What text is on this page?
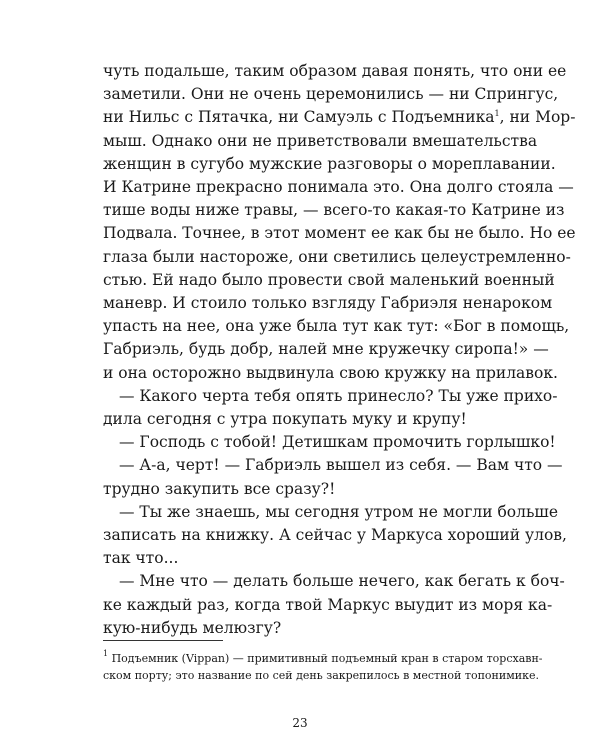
чуть подальше, таким образом давая понять, что они ее
заметили. Они не очень церемонились — ни Спрингус,
ни Нильс с Пятачка, ни Самуэль с Подъемника$^1$, ни Мор-
мыш. Однако они не приветствовали вмешательства
женщин в сугубо мужские разговоры о мореплавании.
И Катрине прекрасно понимала это. Она долго стояла —
тише воды ниже травы, — всего-то какая-то Катрине из
Подвала. Точнее, в этот момент ее как бы не было. Но ее
глаза были настороже, они светились целеустремленно-
стью. Ей надо было провести свой маленький военный
маневр. И стоило только взгляду Габриэля ненароком
упасть на нее, она уже была тут как тут: «Бог в помощь,
Габриэль, будь добр, налей мне кружечку сиропа!» —
и она осторожно выдвинула свою кружку на прилавок.
— Какого черта тебя опять принесло? Ты уже прихо-
дила сегодня с утра покупать муку и крупу!
— Господь с тобой! Детишкам промочить горлышко!
— А-а, черт! — Габриэль вышел из себя. — Вам что —
трудно закупить все сразу?!
— Ты же знаешь, мы сегодня утром не могли больше
записать на книжку. А сейчас у Маркуса хороший улов,
так что...
— Мне что — делать больше нечего, как бегать к боч-
ке каждый раз, когда твой Маркус выудит из моря ка-
кую-нибудь мелюзгу?
$^1$ Подъемник (Vippan) — примитивный подъемный кран в старом торсхавн-
ском порту; это название по сей день закрепилось в местной топонимике.
23
